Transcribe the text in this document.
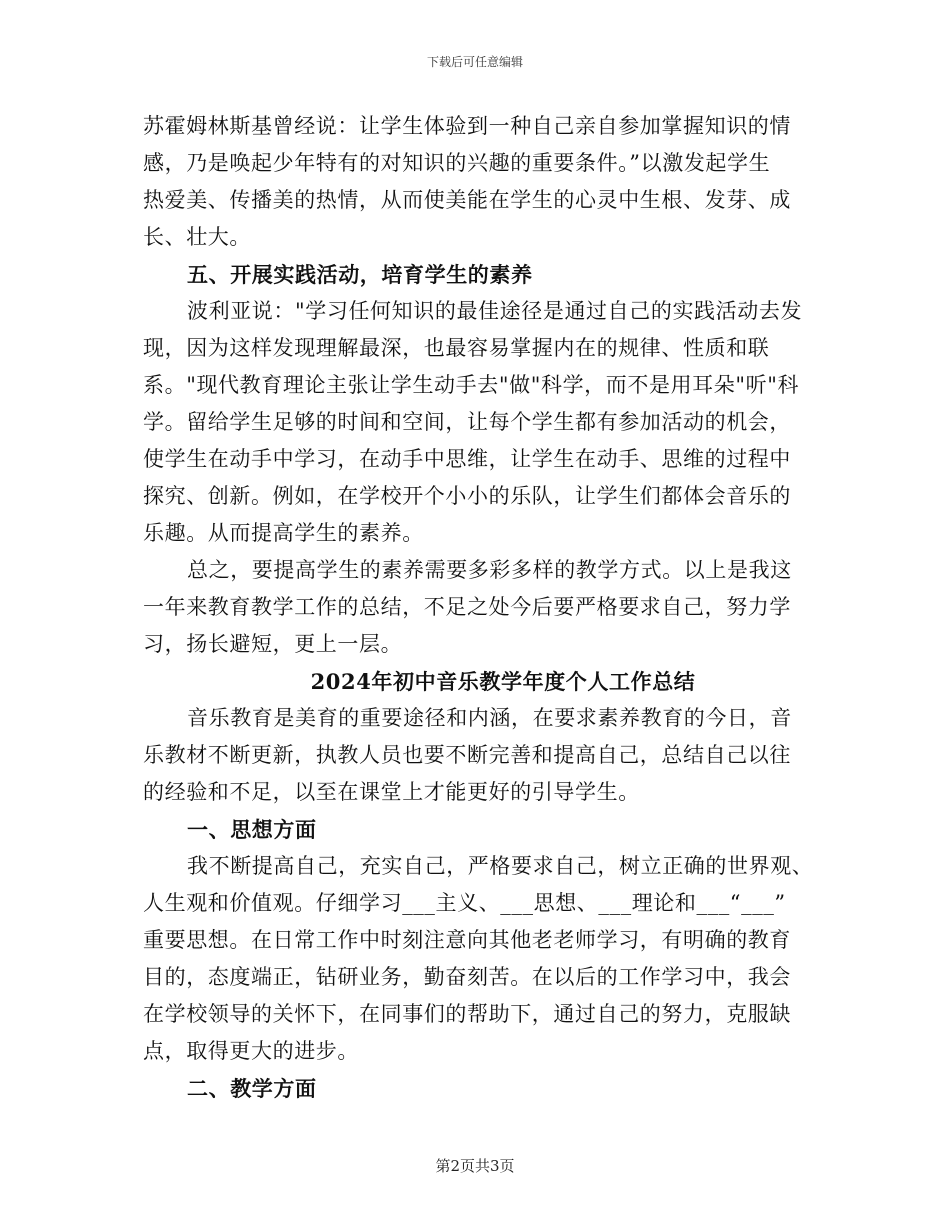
下载后可任意编辑
苏霍姆林斯基曾经说：让学生体验到一种自己亲自参加掌握知识的情
感，乃是唤起少年特有的对知识的兴趣的重要条件。”以激发起学生
热爱美、传播美的热情，从而使美能在学生的心灵中生根、发芽、成
长、壮大。
五、开展实践活动，培育学生的素养
波利亚说："学习任何知识的最佳途径是通过自己的实践活动去发
现，因为这样发现理解最深，也最容易掌握内在的规律、性质和联
系。"现代教育理论主张让学生动手去"做"科学，而不是用耳朵"听"科
学。留给学生足够的时间和空间，让每个学生都有参加活动的机会，
使学生在动手中学习，在动手中思维，让学生在动手、思维的过程中
探究、创新。例如，在学校开个小小的乐队，让学生们都体会音乐的
乐趣。从而提高学生的素养。
总之，要提高学生的素养需要多彩多样的教学方式。以上是我这
一年来教育教学工作的总结，不足之处今后要严格要求自己，努力学
习，扬长避短，更上一层。
2024年初中音乐教学年度个人工作总结
音乐教育是美育的重要途径和内涵，在要求素养教育的今日，音
乐教材不断更新，执教人员也要不断完善和提高自己，总结自己以往
的经验和不足，以至在课堂上才能更好的引导学生。
一、思想方面
我不断提高自己，充实自己，严格要求自己，树立正确的世界观、
人生观和价值观。仔细学习___主义、___思想、___理论和___“___”
重要思想。在日常工作中时刻注意向其他老老师学习，有明确的教育
目的，态度端正，钻研业务，勤奋刻苦。在以后的工作学习中，我会
在学校领导的关怀下，在同事们的帮助下，通过自己的努力，克服缺
点，取得更大的进步。
二、教学方面
第2页共3页
